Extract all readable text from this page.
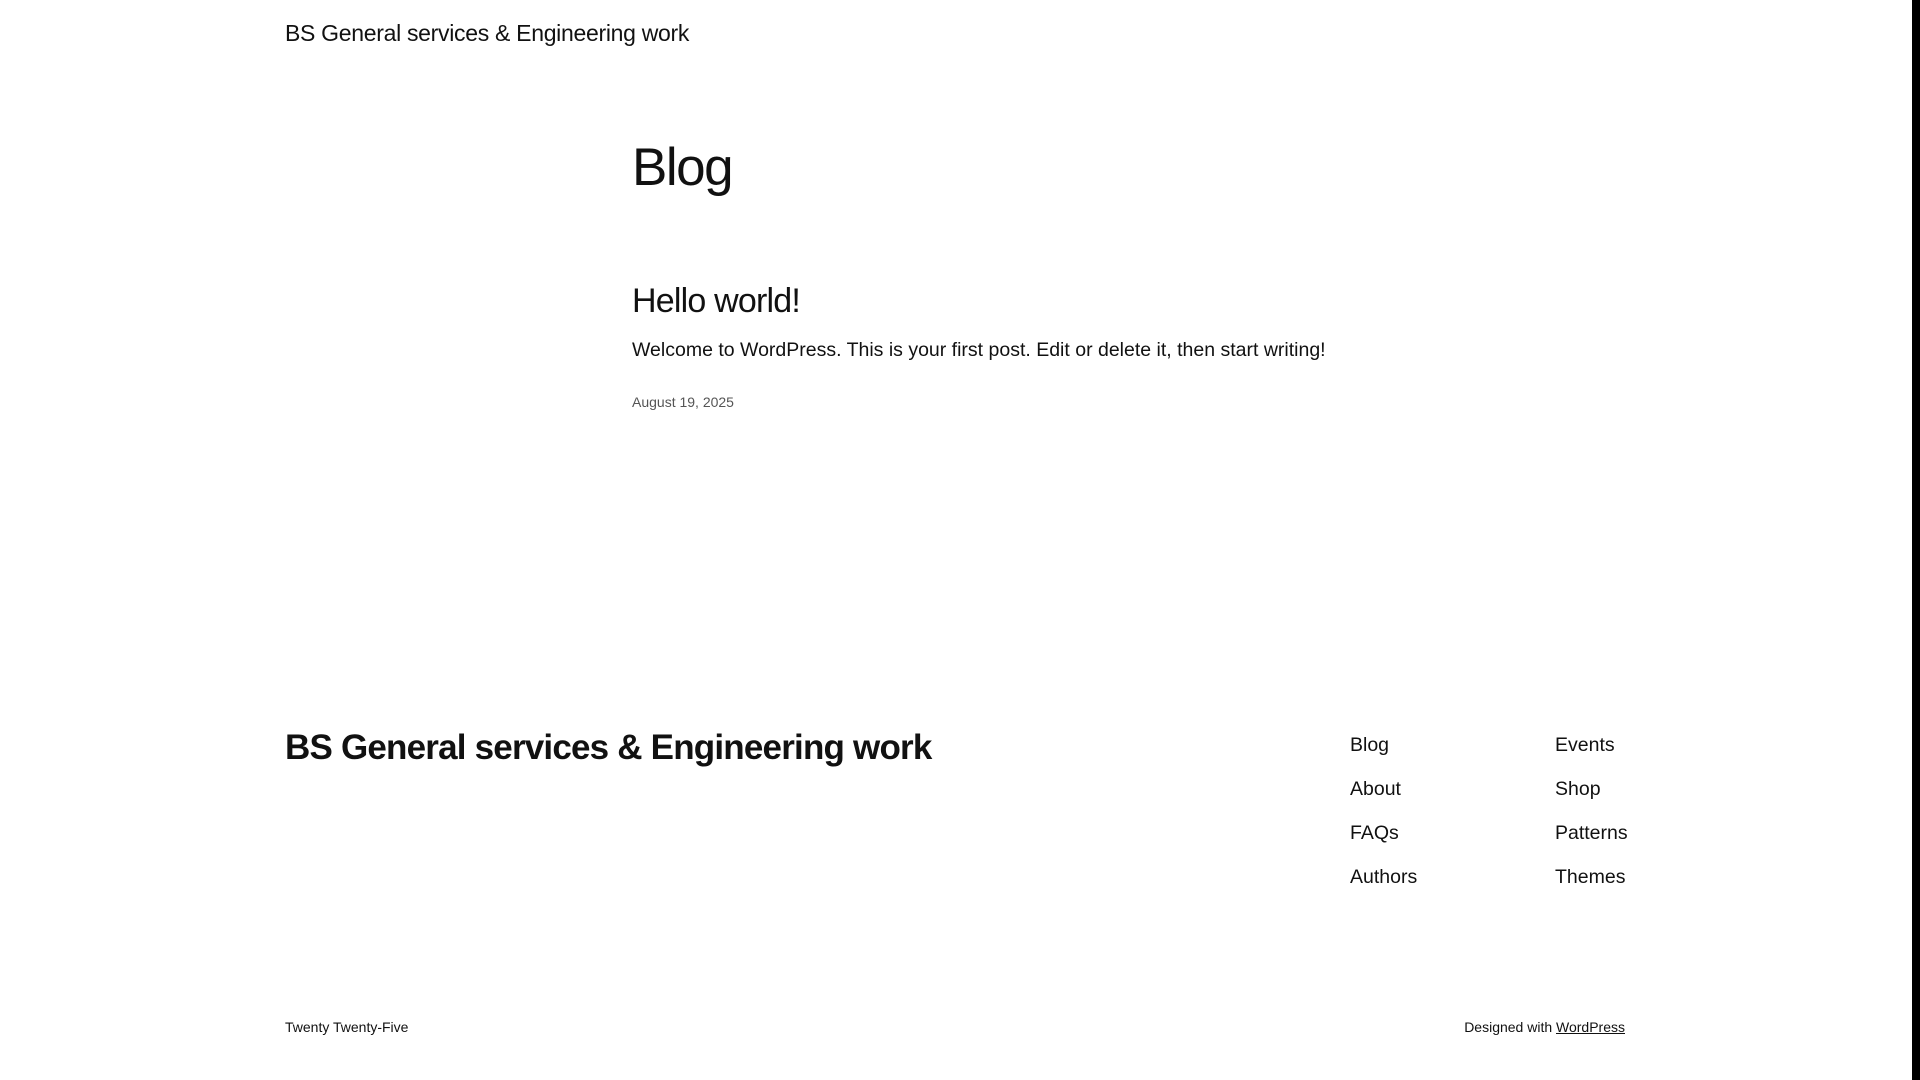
BS General services & Engineering work
Blog
Hello world!

Welcome to WordPress. This is your first post. Edit or delete it, then start writing!

August 19, 2025
BS General services & Engineering work	Blog
About
FAQs
Authors
Events
Shop
Patterns
Themes
Twenty Twenty-Five	Designed with WordPress
